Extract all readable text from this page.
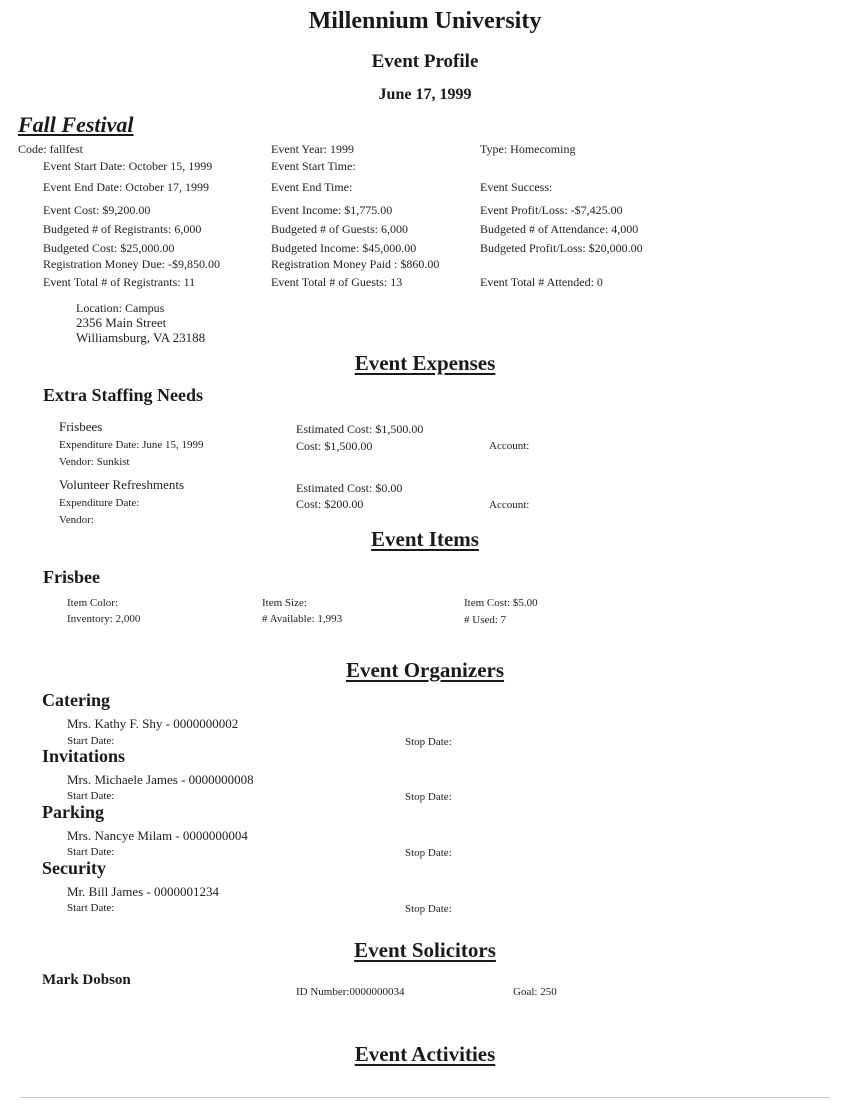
Millennium University
Event Profile
June 17, 1999
Fall Festival
Code: fallfest	Event Year: 1999	Type: Homecoming
Event Start Date: October 15, 1999	Event Start Time:
Event End Date: October 17, 1999	Event End Time:	Event Success:
Event Cost: $9,200.00	Event Income: $1,775.00	Event Profit/Loss: -$7,425.00
Budgeted # of Registrants: 6,000	Budgeted # of Guests: 6,000	Budgeted # of Attendance: 4,000
Budgeted Cost: $25,000.00	Budgeted Income: $45,000.00	Budgeted Profit/Loss: $20,000.00
Registration Money Due: -$9,850.00	Registration Money Paid : $860.00
Event Total # of Registrants: 11	Event Total # of Guests: 13	Event Total # Attended: 0
Location: Campus
2356 Main Street
Williamsburg, VA 23188
Event Expenses
Extra Staffing Needs
Frisbees	Estimated Cost: $1,500.00
Expenditure Date: June 15, 1999	Cost: $1,500.00	Account:
Vendor: Sunkist
Volunteer Refreshments	Estimated Cost: $0.00
Expenditure Date:	Cost: $200.00	Account:
Vendor:
Event Items
Frisbee
Item Color:	Item Size:	Item Cost: $5.00
Inventory: 2,000	# Available: 1,993	# Used: 7
Event Organizers
Catering
Mrs. Kathy F. Shy - 0000000002
Start Date:	Stop Date:
Invitations
Mrs. Michaele James - 0000000008
Start Date:	Stop Date:
Parking
Mrs. Nancye Milam - 0000000004
Start Date:	Stop Date:
Security
Mr. Bill James - 0000001234
Start Date:	Stop Date:
Event Solicitors
Mark Dobson
ID Number:0000000034	Goal: 250
Event Activities
